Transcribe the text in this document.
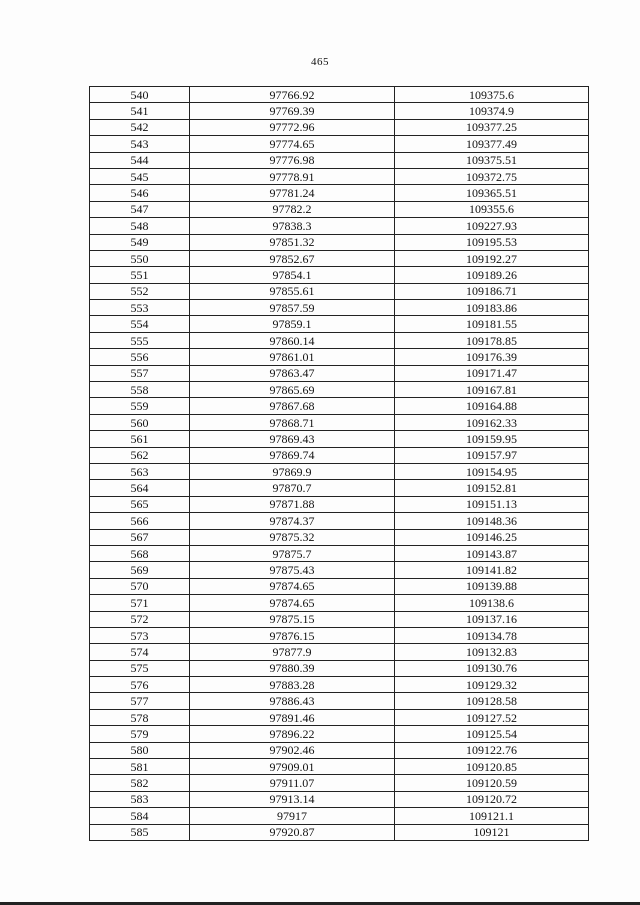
465
540	97766.92	109375.6
541	97769.39	109374.9
542	97772.96	109377.25
543	97774.65	109377.49
544	97776.98	109375.51
545	97778.91	109372.75
546	97781.24	109365.51
547	97782.2	109355.6
548	97838.3	109227.93
549	97851.32	109195.53
550	97852.67	109192.27
551	97854.1	109189.26
552	97855.61	109186.71
553	97857.59	109183.86
554	97859.1	109181.55
555	97860.14	109178.85
556	97861.01	109176.39
557	97863.47	109171.47
558	97865.69	109167.81
559	97867.68	109164.88
560	97868.71	109162.33
561	97869.43	109159.95
562	97869.74	109157.97
563	97869.9	109154.95
564	97870.7	109152.81
565	97871.88	109151.13
566	97874.37	109148.36
567	97875.32	109146.25
568	97875.7	109143.87
569	97875.43	109141.82
570	97874.65	109139.88
571	97874.65	109138.6
572	97875.15	109137.16
573	97876.15	109134.78
574	97877.9	109132.83
575	97880.39	109130.76
576	97883.28	109129.32
577	97886.43	109128.58
578	97891.46	109127.52
579	97896.22	109125.54
580	97902.46	109122.76
581	97909.01	109120.85
582	97911.07	109120.59
583	97913.14	109120.72
584	97917	109121.1
585	97920.87	109121
